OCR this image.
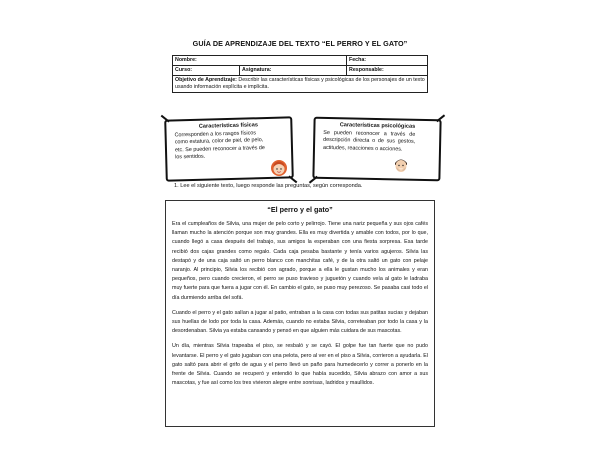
GUÍA DE APRENDIZAJE DEL TEXTO “EL PERRO Y EL GATO”
Nombre:		Fecha:
Curso:	Asignatura:	Responsable:
Objetivo de Aprendizaje: Describir las características físicas y psicológicas de los personajes de un texto usando información explícita e implícita.		
Características físicas

Corresponden a los rasgos físicos como estatura, color de piel, de pelo, etc. Se pueden reconocer a través de los sentidos.

Características psicológicas

Se pueden reconocer a través de descripción directa o de sus gestos, actitudes, reacciones o acciones.

1. Lee el siguiente texto, luego responde las preguntas, según corresponda.
“El perro y el gato”

Era el cumpleaños de Silvia, una mujer de pelo corto y pelirrojo. Tiene una nariz pequeña y sus ojos cafés llaman mucho la atención porque son muy grandes. Ella es muy divertida y amable con todos, por lo que, cuando llegó a casa después del trabajo, sus amigos la esperaban con una fiesta sorpresa. Esa tarde recibió dos cajas grandes como regalo. Cada caja pesaba bastante y tenía varios agujeros. Silvia las destapó y de una caja saltó un perro blanco con manchitas café, y de la otra saltó un gato con pelaje naranjo. Al principio, Silvia los recibió con agrado, porque a ella le gustan mucho los animales y eran pequeños, pero cuando crecieron, el perro se puso travieso y juguetón y cuando veía al gato le ladraba muy fuerte para que fuera a jugar con él. En cambio el gato, se puso muy perezoso. Se pasaba casi todo el día durmiendo arriba del sofá.

Cuando el perro y el gato salían a jugar al patio, entraban a la casa con todas sus patitas sucias y dejaban sus huellas de lodo por toda la casa. Además, cuando no estaba Silvia, correteaban por todo la casa y la desordenaban. Silvia ya estaba cansando y pensó en que alguien más cuidara de sus mascotas.

Un día, mientras Silvia trapeaba el piso, se resbaló y se cayó. El golpe fue tan fuerte que no pudo levantarse. El perro y el gato jugaban con una pelota, pero al ver en el piso a Silvia, corrieron a ayudarla. El gato saltó para abrir el grifo de agua y el perro llevó un paño para humedecerlo y correr a ponerlo en la frente de Silvia. Cuando se recuperó y entendió lo que había sucedido, Silvia abrazo con amor a sus mascotas, y fue así como los tres vivieron alegre entre sonrisas, ladridos y maullidos.
